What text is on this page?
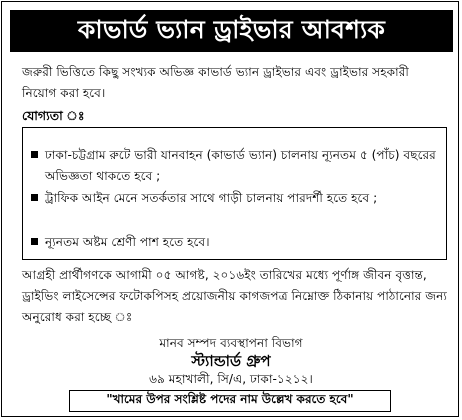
কাভার্ড ভ্যান ড্রাইভার আবশ্যক
জরুরী ভিত্তিতে কিছু সংখ্যক অভিজ্ঞ কাভার্ড ভ্যান ড্রাইভার এবং ড্রাইভার সহকারী নিয়োগ করা হবে।
যোগ্যতা ঃ
ঢাকা-চট্টগ্রাম রুটে ভারী যানবাহন (কাভার্ড ভ্যান) চালনায় ন্যূনতম ৫ (পাঁচ) বছরের অভিজ্ঞতা থাকতে হবে ;
ট্রাফিক আইন মেনে সতর্কতার সাথে গাড়ী চালনায় পারদর্শী হতে হবে ;
ন্যূনতম অষ্টম শ্রেণী পাশ হতে হবে।
আগ্রহী প্রার্থীগণকে আগামী ০৫ আগষ্ট, ২০১৬ইং তারিখের মধ্যে পূর্ণাঙ্গ জীবন বৃত্তান্ত, ড্রাইভিং লাইসেন্সের ফটোকপিসহ প্রয়োজনীয় কাগজপত্র নিম্নোক্ত ঠিকানায় পাঠানোর জন্য অনুরোধ করা হচ্ছে ঃ
মানব সম্পদ ব্যবস্থাপনা বিভাগ
স্ট্যান্ডার্ড গ্রুপ
৬৯ মহাখালী, সি/এ, ঢাকা-১২১২।
"খামের উপর সংশ্লিষ্ট পদের নাম উল্লেখ করতে হবে"
